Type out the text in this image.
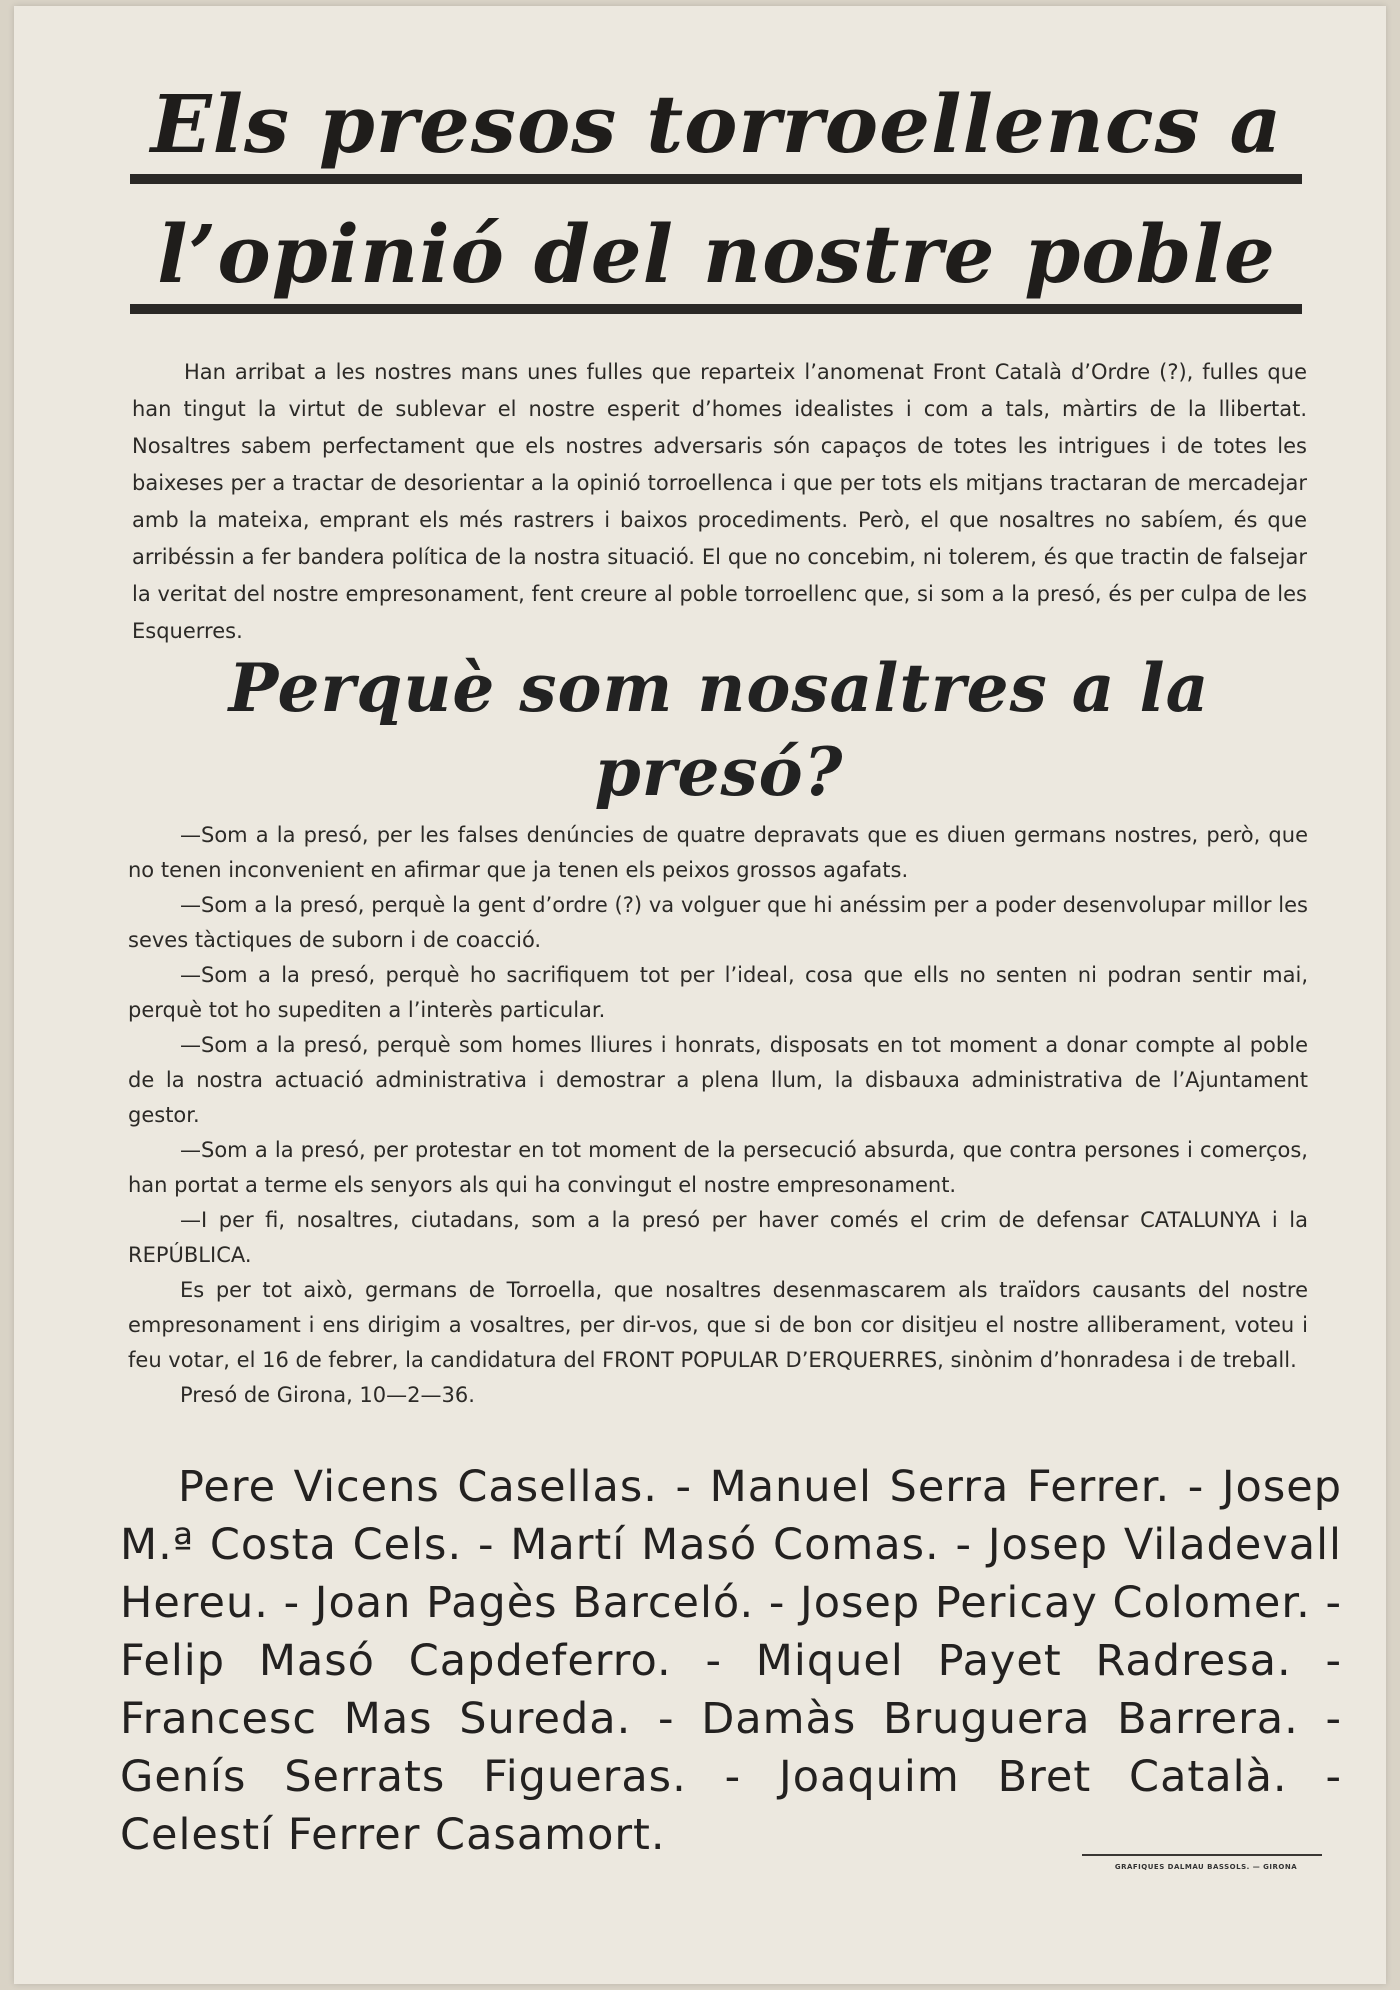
Els presos torroellencs a
l’opinió del nostre poble
Han arribat a les nostres mans unes fulles que reparteix l’anomenat Front Català d’Ordre (?), fulles que han tingut la virtut de sublevar el nostre esperit d’homes idealistes i com a tals, màrtirs de la llibertat. Nosaltres sabem perfectament que els nostres adversaris són capaços de totes les intrigues i de totes les baixeses per a tractar de desorientar a la opinió torroellenca i que per tots els mitjans tractaran de mercadejar amb la mateixa, emprant els més rastrers i baixos procediments. Però, el que nosaltres no sabíem, és que arribéssin a fer bandera política de la nostra situació. El que no concebim, ni tolerem, és que tractin de falsejar la veritat del nostre empresonament, fent creure al poble torroellenc que, si som a la presó, és per culpa de les Esquerres.
Perquè som nosaltres a la presó?

—Som a la presó, per les falses denúncies de quatre depravats que es diuen germans nostres, però, que no tenen inconvenient en afirmar que ja tenen els peixos grossos agafats.

—Som a la presó, perquè la gent d’ordre (?) va volguer que hi anéssim per a poder desenvolupar millor les seves tàctiques de suborn i de coacció.

—Som a la presó, perquè ho sacrifiquem tot per l’ideal, cosa que ells no senten ni podran sentir mai, perquè tot ho supediten a l’interès particular.

—Som a la presó, perquè som homes lliures i honrats, disposats en tot moment a donar compte al poble de la nostra actuació administrativa i demostrar a plena llum, la disbauxa administrativa de l’Ajuntament gestor.

—Som a la presó, per protestar en tot moment de la persecució absurda, que contra persones i comerços, han portat a terme els senyors als qui ha convingut el nostre empresonament.

—I per fi, nosaltres, ciutadans, som a la presó per haver comés el crim de defensar CATALUNYA i la REPÚBLICA.

Es per tot això, germans de Torroella, que nosaltres desenmascarem als traïdors causants del nostre empresonament i ens dirigim a vosaltres, per dir-vos, que si de bon cor disitjeu el nostre alliberament, voteu i feu votar, el 16 de febrer, la candidatura del FRONT POPULAR D’ERQUERRES, sinònim d’honradesa i de treball.

Presó de Girona, 10—2—36.

Pere Vicens Casellas. - Manuel Serra Ferrer. - Josep M.ª Costa Cels. - Martí Masó Comas. - Josep Viladevall Hereu. - Joan Pagès Barceló. - Josep Pericay Colomer. - Felip Masó Capdeferro. - Miquel Payet Radresa. - Francesc Mas Sureda. - Damàs Bruguera Barrera. - Genís Serrats Figueras. - Joaquim Bret Català. - Celestí Ferrer Casamort.
GRÀFIQUES DALMÁU BASSOLS. — GIRONA
